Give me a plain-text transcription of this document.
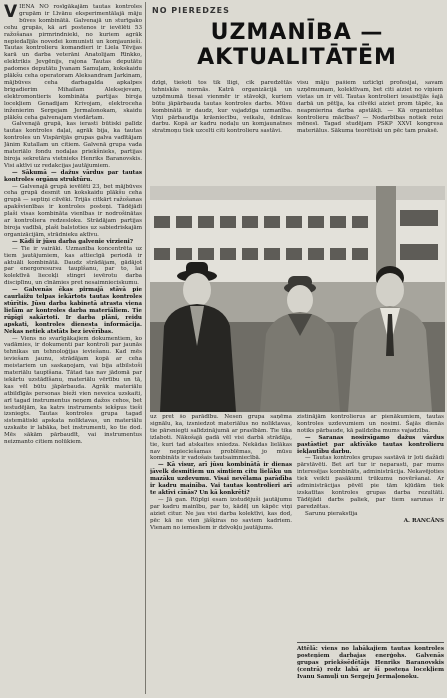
V IENA NO rosīgākajām tautas kontroles grupām ir Līvānu eksperimentālajā māju būves kombinātā. Galvenajā un sturīgako cehu grupās, kā arī postenos ir ievēlēti 53 ražošanas pirmrindnieki, no kuriem agrāk nepiedalījās novedei komunisti un komjaunieši. Tautas kontrolieru komandieri ir Liela Tēvijas karā un darba veterāni Anatolijam Rīnkko, elektrikis Jevgēnijs, rajona Tautas deputātu padomes deputātu Jvanam Samuļam, kokskaidu plākšu ceha operatoram Aleksandram Jarkinam, mājbūves ceha darbagalda apkalpes brigadierim Mihailam Aleksejevam, elektromontieris kombināta partijas biroja locekļiem Genadijam Krivojam, elektroceha inženierim Sergejam Jermalonokam, skaidu plākšu ceha galvenajam viedārtam.

Galvenajā grupā, kas ierasti būtiski palīdz tautas kontroles daļai, agrāk bija, ka tautas kontroles un Vispārējās grupas galva vadītājam Jānim Kutallam un citiem. Galvenā grupa vada materiālo fondu nodaļas priekšnieks, partijas biroja sekretāra vietnieks Henriks Baranovskis. Visi aktīvi uz redakcijas jautājumiem.

— Sākumā — dažus vārdus par tautas kontroles orgānu struktūru.

— Galvenajā grupā ievēlēti 23, bet mājbūves ceha grupā desmit un kokskaidu plākšu ceha grupā — septiņi cilvēki. Trijās citkārt ražošanas apakšvienības ir kontroles posteņi. Tādējādi plaši visas kombināta vienības ir nodrošinātas ar kontroliera redzesloku. Strādājam partijas biroja vadībā, plaši balstoties uz sabiedriskajām organizācijām, strādnieku aktīvu.

— Kādi ir jūsu darba galvenie virzieni?

— Tie ir vairāki. Uzmanība koncentrēta uz tiem jautājumiem, kas attiecīgā periodā ir aktuāli kombinātā. Daudz strādājam, gādājot par energoresursu taupīšanu, par to, lai kolektīvā liecekļi stingri ievērotu darba disciplīnu, un cīnāmies pret nesaimnieciskumu.

— Galvenās ēkas pirmajā stāvā pie caurlaižu telpas iekārtots tautas kontroles stūrītis. Jūsu darba kabinetā atrasta viena lielām ar kontroles darba materiāliem. Tie rūpīgi sakārtoti. Ir darba plāni, reidu apskati, kontroles dienesta informācija. Nekas netiek atstāts bez ievērības.

— Viens no svarīgākajiem dokumentiem, ko vadāmies, ir dokumenti par kontroli par jaunās tehnikas un tehnoloģijas ieviešanu. Kad mēs ieviešam jaunu, strādājam kopā ar ceha meistariem un saskaņojam, vai bija atbilstoši materiālu taupīšana. Tātad tas nav jādomā par iekārtu uzstādīšanu, materiālu vērtību un tā, kas vēl būtu jāpārbauda. Agrāk materiālu atbildīgās personas bieži vien neveica uzskaiti, arī tagad instrumentus neņem dažos cehos, bet iestudējām, ka katrs instruments iekšpus tieši izsniegts. Tautas kontroles grupa tagad sistemātiski apskata noliktavas, un materiālu uzskaite ir labāka, bet instrumenti, ko tie dod. Mēs sākām pārbaudīt, vai instrumentus neizmanto citiem nolūkiem.

NO PIEREDZES
UZMANĪBA —
AKTUALITĀTĒM

dzīgi, tiešoti tos tik īligi, cik paredzētās tehniskās normās. Katrā organizācijā un uzņēmumā tiesai vienmēr ir stāvokļi, kuriem būtu jāpārbauda tautas kontroles darbs. Mūsu kombinātā ir daudz, kur vajadzīga uzmanība. Viņi pārbaudīja krāsniecību, veikalu, ēdnīcas darbu. Kopā ar kadru nodaļu un komjaunatnes stratmoņu tiek uzcelti citi kontrolieru sastāvi.

visu māju pašiem uzticīgi profesijai, savam uzņēmumam, kolektīvam, bet citi aiziet no viņiem vietas un ir vēl. Tautas kontrolieri iesaistījās šajā darbā un pētīja, ka cilvēki aiziet prom tāpēc, ka neapmierina darba apstākļi. — Kā organizētas kontrolieru mācības? — Nodarbības notiek reizi mēnesī. Tagad studējam PSKP XXVI kongresa materiālus. Sākuma teorētiski un pēc tam praksē.

uz pret šo parādību. Nesen grupa saņēma signālu, ka, izsniedzot materiālus no noliktavas, tie pārsniegti salīdzinājumā ar prasībām. Tie tika izlaboti. Nākošajā gadā vēl visi darbā strādāja, tie, kuri tad atskaites sniedza. Nekādas lielākas nav nepieciešamas problēmas, jo mūsu kombināts ir vadošais tautsaimniecībā.

— Kā visur, arī jūsu kombinātā ir dienas jāvelk desmitiem un simtiem citu lielāku un mazāku uzdevumu. Visai nevēlama parādība ir kadru mainība. Vai tautas kontrolieri arī te aktīvi cīnās? Un kā konkrēti?

— Jā gan. Rūpīgi esam izstudējuši jautājumu par kadru mainību, par to, kādēļ un kāpēc viņi aiziet citur. Ne jau visi darba kolektīvi, kas dod, pēc kā ne vien jāšķiras no saviem kadriem. Vienam no iemesliem ir dzīvokļu jautājums.

zistinājām kontrolierus ar pienākumiem, tautas kontroles uzdevumiem un nosimi. Šajās dienās notiks pārbaude, kā paildziba mums vajadzība.

— Saranas nosirsīgamo dažus vārdus pastāstiet par aktīvāko tautas kontrolieru iekļautību darbu.

— Tautas kontroles grupas sastāvā ir ļoti dažādi pārstāvēti. Bet arī tur ir neparasti, par mums interesējas kombināts, administrācija. Nekavējoties tiek veikti pasākumi trūkumu novēršanai. Ar administrācijas pēvēl pie tām kļūdām tiek izskatītas kontroles grupas darba rezultāti. Tādējādi darbs paliek, par tiem sarunas ir paredzētas.

Sarunu pierakstīja

A. RANCĀNS

Attēlā: viens no labākajiem tautas kontroles posteņiem darbajas enerģohs. Galvenās grupas priekšsēdētājs Henriks Baranovskis (centrā) redz labā ar šī posteņa locekļiem Ivanu Samuļi un Sergeju Jermaļonoku.
